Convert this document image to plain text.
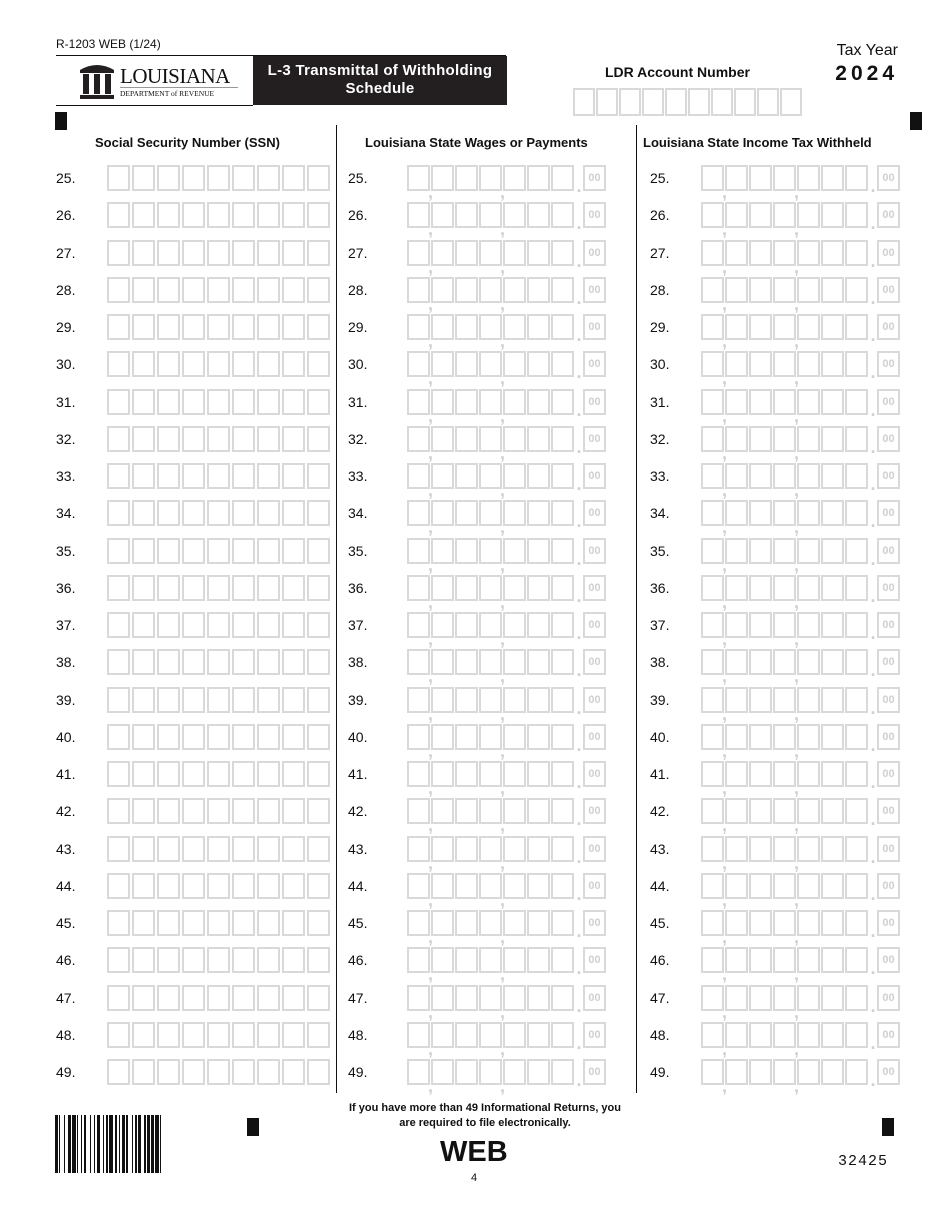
R-1203 WEB (1/24)
LOUISIANA
DEPARTMENT of REVENUE
L-3 Transmittal of Withholding Schedule
LDR Account Number
Tax Year
2024
Social Security Number (SSN)	Louisiana State Wages or Payments	Louisiana State Income Tax Withheld
25.	25.	25.
,	,	. 00
,	,	. 00
26.	26.	26.
,	,	. 00
,	,	. 00
27.	27.	27.
,	,	. 00
,	,	. 00
28.	28.	28.
,	,	. 00
,	,	. 00
29.	29.	29.
,	,	. 00
,	,	. 00
30.	30.	30.
,	,	. 00
,	,	. 00
31.	31.	31.
,	,	. 00
,	,	. 00
32.	32.	32.
,	,	. 00
,	,	. 00
33.	33.	33.
,	,	. 00
,	,	. 00
34.	34.	34.
,	,	. 00
,	,	. 00
35.	35.	35.
,	,	. 00
,	,	. 00
36.	36.	36.
,	,	. 00
,	,	. 00
37.	37.	37.
,	,	. 00
,	,	. 00
38.	38.	38.
,	,	. 00
,	,	. 00
39.	39.	39.
,	,	. 00
,	,	. 00
40.	40.	40.
,	,	. 00
,	,	. 00
41.	41.	41.
,	,	. 00
,	,	. 00
42.	42.	42.
,	,	. 00
,	,	. 00
43.	43.	43.
,	,	. 00
,	,	. 00
44.	44.	44.
,	,	. 00
,	,	. 00
45.	45.	45.
,	,	. 00
,	,	. 00
46.	46.	46.
,	,	. 00
,	,	. 00
47.	47.	47.
,	,	. 00
,	,	. 00
48.	48.	48.
,	,	. 00
,	,	. 00
49.	49.	49.
,	,	. 00
,	,	. 00
If you have more than 49 Informational Returns, you
are required to file electronically.
WEB
4
32425
